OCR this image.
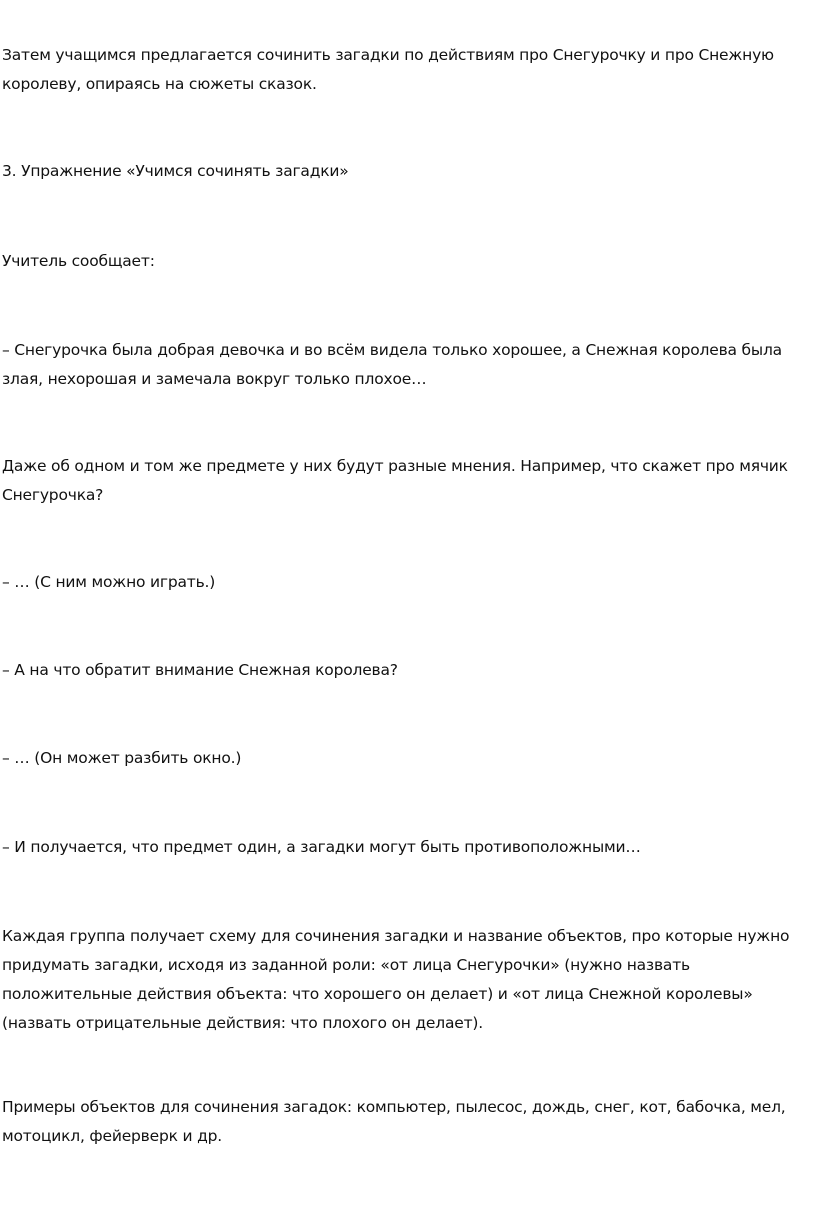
Затем учащимся предлагается сочинить загадки по действиям про Снегурочку и про Снежную
королеву, опираясь на сюжеты сказок.

3. Упражнение «Учимся сочинять загадки»

Учитель сообщает:

– Снегурочка была добрая девочка и во всём видела только хорошее, а Снежная королева была
злая, нехорошая и замечала вокруг только плохое…

Даже об одном и том же предмете у них будут разные мнения. Например, что скажет про мячик
Снегурочка?

– … (С ним можно играть.)

– А на что обратит внимание Снежная королева?

– … (Он может разбить окно.)

– И получается, что предмет один, а загадки могут быть противоположными…

Каждая группа получает схему для сочинения загадки и название объектов, про которые нужно
придумать загадки, исходя из заданной роли: «от лица Снегурочки» (нужно назвать
положительные действия объекта: что хорошего он делает) и «от лица Снежной королевы»
(назвать отрицательные действия: что плохого он делает).

Примеры объектов для сочинения загадок: компьютер, пылесос, дождь, снег, кот, бабочка, мел,
мотоцикл, фейерверк и др.
